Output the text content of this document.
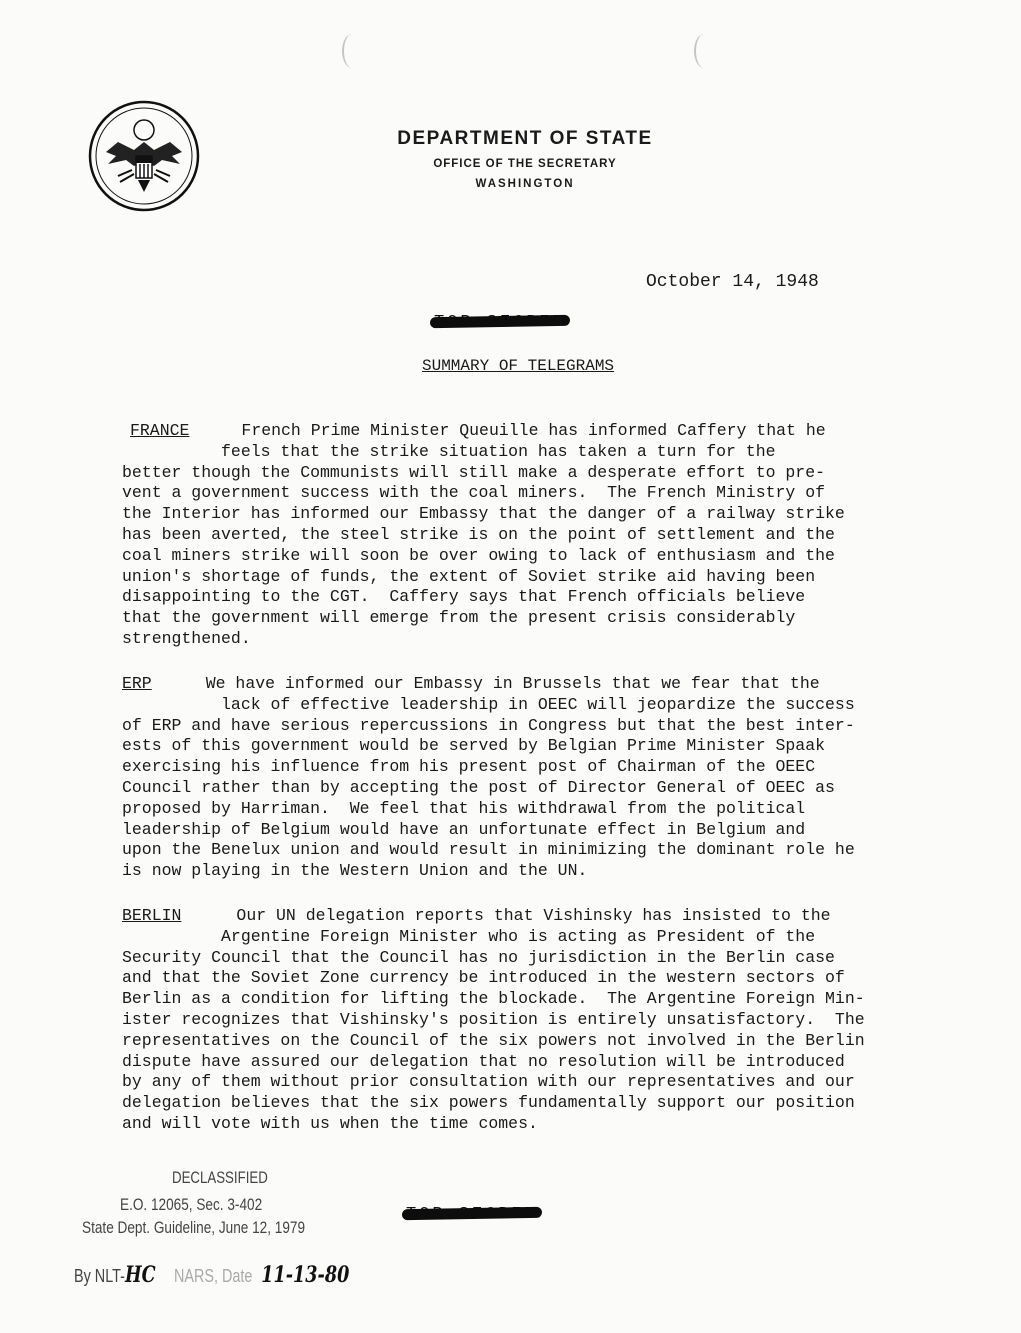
DEPARTMENT OF STATE

OFFICE OF THE SECRETARY

WASHINGTON

October 14, 1948
SUMMARY OF TELEGRAMS
FRANCE	French Prime Minister Queuille has informed Caffery that he
feels that the strike situation has taken a turn for the
better though the Communists will still make a desperate effort to pre-
vent a government success with the coal miners.  The French Ministry of
the Interior has informed our Embassy that the danger of a railway strike
has been averted, the steel strike is on the point of settlement and the
coal miners strike will soon be over owing to lack of enthusiasm and the
union's shortage of funds, the extent of Soviet strike aid having been
disappointing to the CGT.  Caffery says that French officials believe
that the government will emerge from the present crisis considerably
strengthened.
ERP	We have informed our Embassy in Brussels that we fear that the
lack of effective leadership in OEEC will jeopardize the success
of ERP and have serious repercussions in Congress but that the best inter-
ests of this government would be served by Belgian Prime Minister Spaak
exercising his influence from his present post of Chairman of the OEEC
Council rather than by accepting the post of Director General of OEEC as
proposed by Harriman.  We feel that his withdrawal from the political
leadership of Belgium would have an unfortunate effect in Belgium and
upon the Benelux union and would result in minimizing the dominant role he
is now playing in the Western Union and the UN.
BERLIN	Our UN delegation reports that Vishinsky has insisted to the
Argentine Foreign Minister who is acting as President of the
Security Council that the Council has no jurisdiction in the Berlin case
and that the Soviet Zone currency be introduced in the western sectors of
Berlin as a condition for lifting the blockade.  The Argentine Foreign Min-
ister recognizes that Vishinsky's position is entirely unsatisfactory.  The
representatives on the Council of the six powers not involved in the Berlin
dispute have assured our delegation that no resolution will be introduced
by any of them without prior consultation with our representatives and our
delegation believes that the six powers fundamentally support our position
and will vote with us when the time comes.
DECLASSIFIED
E.O. 12065, Sec. 3-402
State Dept. Guideline, June 12, 1979
By NLT-HC NARS, Date 11-13-80
